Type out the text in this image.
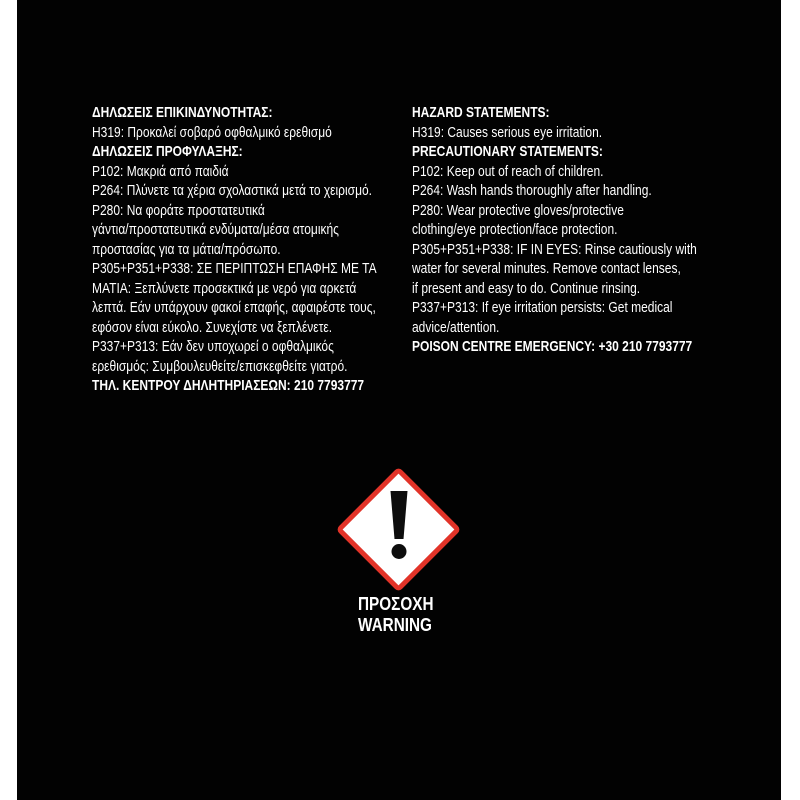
ΔΗΛΩΣΕΙΣ ΕΠΙΚΙΝΔΥΝΟΤΗΤΑΣ:
Η319: Προκαλεί σοβαρό οφθαλμικό ερεθισμό
ΔΗΛΩΣΕΙΣ ΠΡΟΦΥΛΑΞΗΣ:
P102: Μακριά από παιδιά
P264: Πλύνετε τα χέρια σχολαστικά μετά το χειρισμό.
P280: Να φοράτε προστατευτικά
γάντια/προστατευτικά ενδύματα/μέσα ατομικής
προστασίας για τα μάτια/πρόσωπο.
P305+P351+P338: ΣΕ ΠΕΡΙΠΤΩΣΗ ΕΠΑΦΗΣ ΜΕ ΤΑ
ΜΑΤΙΑ: Ξεπλύνετε προσεκτικά με νερό για αρκετά
λεπτά. Εάν υπάρχουν φακοί επαφής, αφαιρέστε τους,
εφόσον είναι εύκολο. Συνεχίστε να ξεπλένετε.
P337+P313: Εάν δεν υποχωρεί ο οφθαλμικός
ερεθισμός: Συμβουλευθείτε/επισκεφθείτε γιατρό.
ΤΗΛ. ΚΕΝΤΡΟΥ ΔΗΛΗΤΗΡΙΑΣΕΩΝ: 210 7793777
HAZARD STATEMENTS:
H319: Causes serious eye irritation.
PRECAUTIONARY STATEMENTS:
P102: Keep out of reach of children.
P264: Wash hands thoroughly after handling.
P280: Wear protective gloves/protective
clothing/eye protection/face protection.
P305+P351+P338: IF IN EYES: Rinse cautiously with
water for several minutes. Remove contact lenses,
if present and easy to do. Continue rinsing.
P337+P313: If eye irritation persists: Get medical
advice/attention.
POISON CENTRE EMERGENCY: +30 210 7793777
ΠΡΟΣΟΧΗ
WARNING
